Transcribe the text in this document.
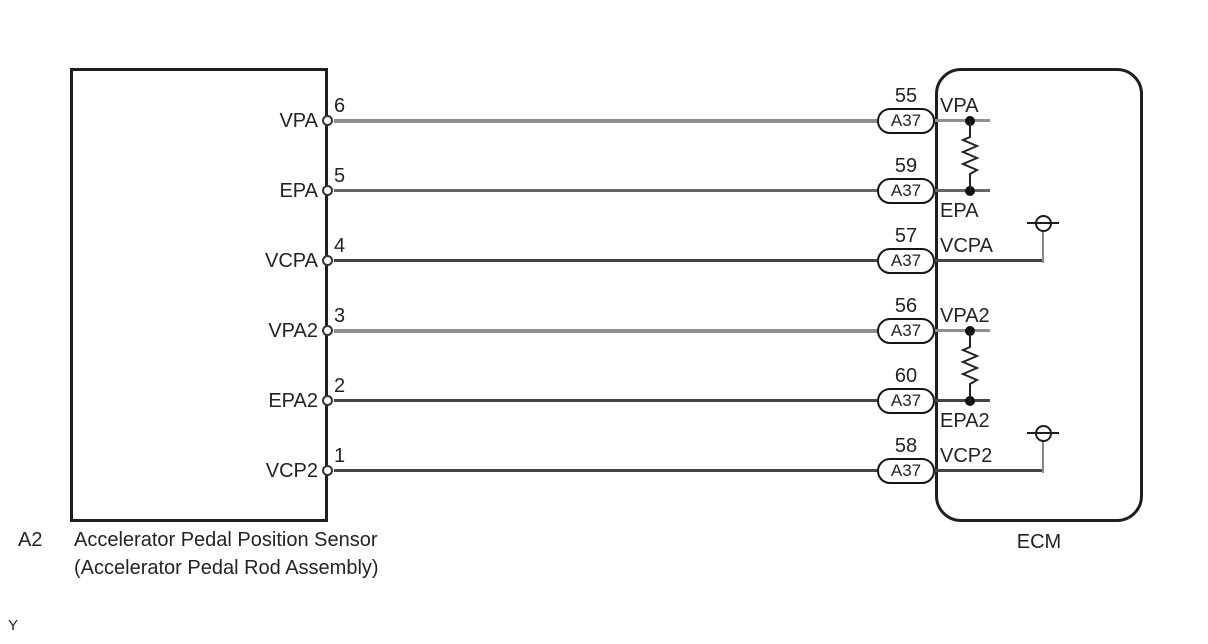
VPA
6	55
A37
VPA
EPA
5	59
A37
EPA
VCPA
4	57
A37
VCPA
VPA2
3	56
A37
VPA2
EPA2
2	60
A37
EPA2
VCP2
1	58
A37
VCP2
A2 Accelerator Pedal Position Sensor
(Accelerator Pedal Rod Assembly)
ECM
Y
